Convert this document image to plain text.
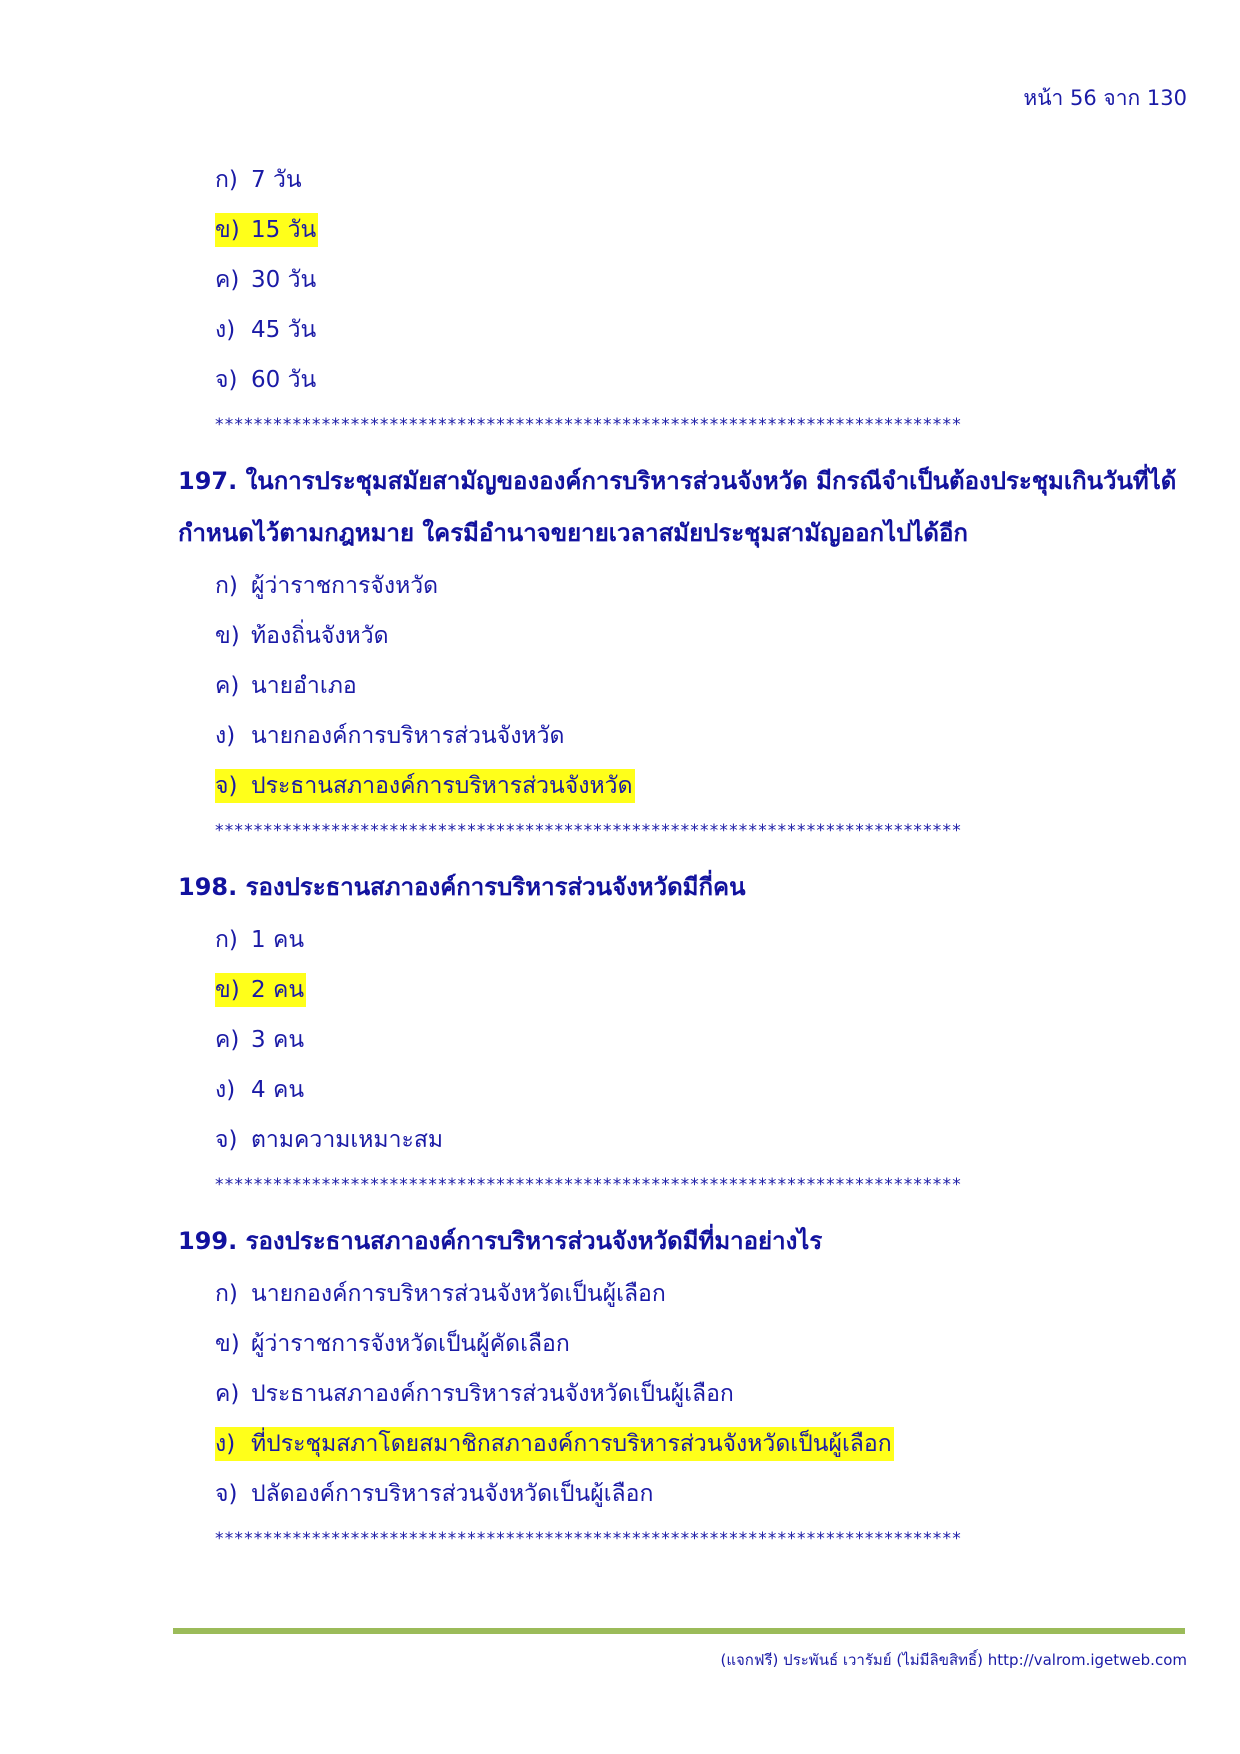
หน้า 56 จาก 130
ก) 7 วัน
ข) 15 วัน
ค) 30 วัน
ง) 45 วัน
จ) 60 วัน
*****************************************************************************
197. ในการประชุมสมัยสามัญขององค์การบริหารส่วนจังหวัด มีกรณีจำเป็นต้องประชุมเกินวันที่ได้กำหนดไว้ตามกฎหมาย ใครมีอำนาจขยายเวลาสมัยประชุมสามัญออกไปได้อีก
ก) ผู้ว่าราชการจังหวัด
ข) ท้องถิ่นจังหวัด
ค) นายอำเภอ
ง) นายกองค์การบริหารส่วนจังหวัด
จ) ประธานสภาองค์การบริหารส่วนจังหวัด
*****************************************************************************
198. รองประธานสภาองค์การบริหารส่วนจังหวัดมีกี่คน
ก) 1 คน
ข) 2 คน
ค) 3 คน
ง) 4 คน
จ) ตามความเหมาะสม
*****************************************************************************
199. รองประธานสภาองค์การบริหารส่วนจังหวัดมีที่มาอย่างไร
ก) นายกองค์การบริหารส่วนจังหวัดเป็นผู้เลือก
ข) ผู้ว่าราชการจังหวัดเป็นผู้คัดเลือก
ค) ประธานสภาองค์การบริหารส่วนจังหวัดเป็นผู้เลือก
ง) ที่ประชุมสภาโดยสมาชิกสภาองค์การบริหารส่วนจังหวัดเป็นผู้เลือก
จ) ปลัดองค์การบริหารส่วนจังหวัดเป็นผู้เลือก
*****************************************************************************
(แจกฟรี) ประพันธ์ เวารัมย์ (ไม่มีลิขสิทธิ์) http://valrom.igetweb.com
